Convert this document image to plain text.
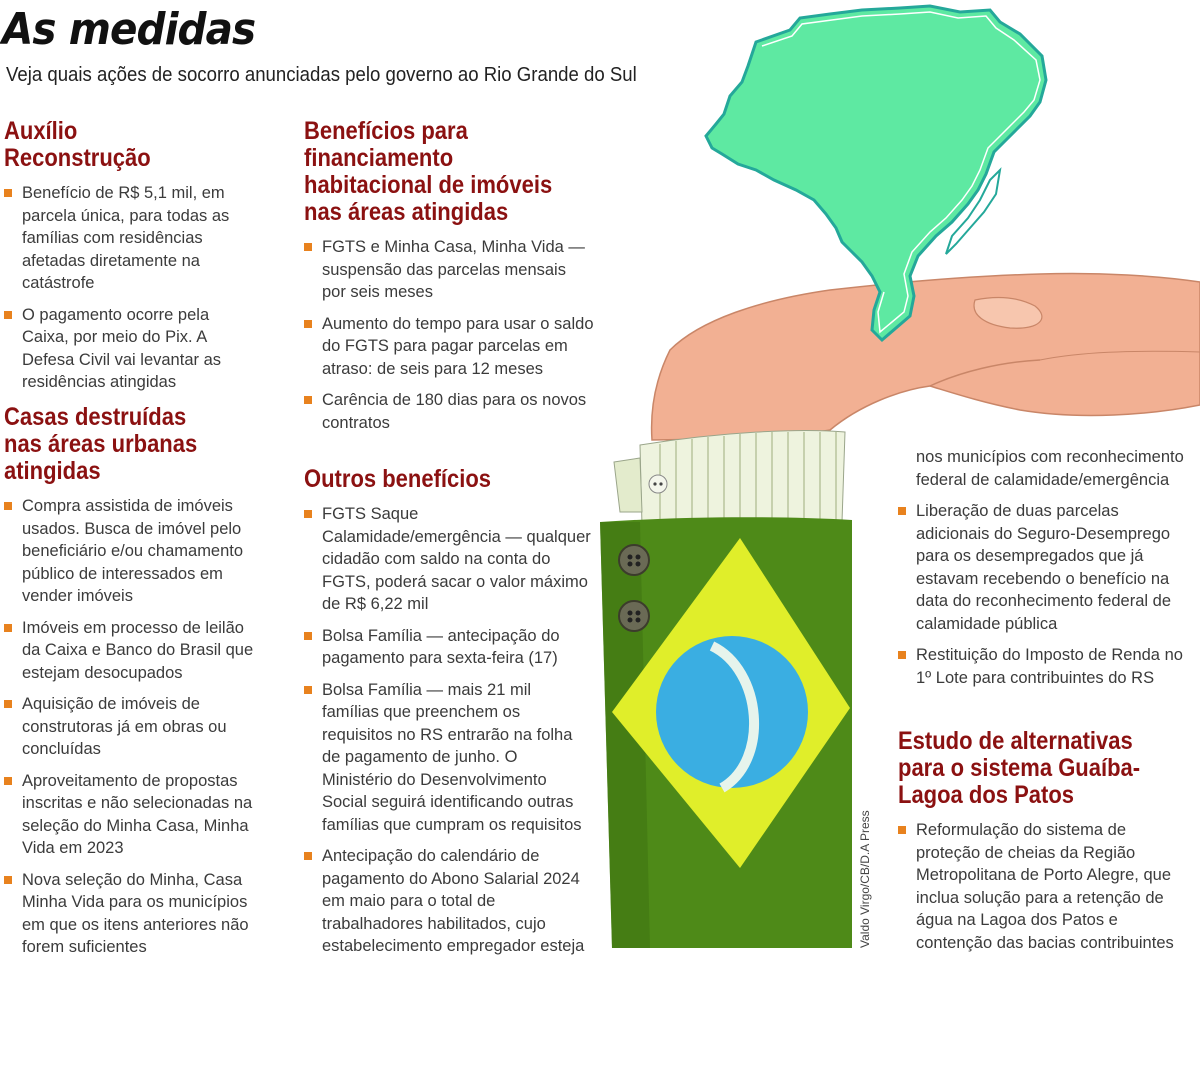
As medidas
Veja quais ações de socorro anunciadas pelo governo ao Rio Grande do Sul
Auxílio Reconstrução
Benefício de R$ 5,1 mil, em parcela única, para todas as famílias com residências afetadas diretamente na catástrofe
O pagamento ocorre pela Caixa, por meio do Pix. A Defesa Civil vai levantar as residências atingidas
Casas destruídas nas áreas urbanas atingidas
Compra assistida de imóveis usados. Busca de imóvel pelo beneficiário e/ou chamamento público de interessados em vender imóveis
Imóveis em processo de leilão da Caixa e Banco do Brasil que estejam desocupados
Aquisição de imóveis de construtoras já em obras ou concluídas
Aproveitamento de propostas inscritas e não selecionadas na seleção do Minha Casa, Minha Vida em 2023
Nova seleção do Minha, Casa Minha Vida para os municípios em que os itens anteriores não forem suficientes
Benefícios para financiamento habitacional de imóveis nas áreas atingidas
FGTS e Minha Casa, Minha Vida — suspensão das parcelas mensais por seis meses
Aumento do tempo para usar o saldo do FGTS para pagar parcelas em atraso: de seis para 12 meses
Carência de 180 dias para os novos contratos
Outros benefícios
FGTS Saque Calamidade/emergência — qualquer cidadão com saldo na conta do FGTS, poderá sacar o valor máximo de R$ 6,22 mil
Bolsa Família — antecipação do pagamento para sexta-feira (17)
Bolsa Família — mais 21 mil famílias que preenchem os requisitos no RS entrarão na folha de pagamento de junho. O Ministério do Desenvolvimento Social seguirá identificando outras famílias que cumpram os requisitos
Antecipação do calendário de pagamento do Abono Salarial 2024 em maio para o total de trabalhadores habilitados, cujo estabelecimento empregador esteja
nos municípios com reconhecimento federal de calamidade/emergência
Liberação de duas parcelas adicionais do Seguro-Desemprego para os desempregados que já estavam recebendo o benefício na data do reconhecimento federal de calamidade pública
Restituição do Imposto de Renda no 1º Lote para contribuintes do RS
Estudo de alternativas para o sistema Guaíba-Lagoa dos Patos
Reformulação do sistema de proteção de cheias da Região Metropolitana de Porto Alegre, que inclua solução para a retenção de água na Lagoa dos Patos e contenção das bacias contribuintes
Valdo Virgo/CB/D.A Press
